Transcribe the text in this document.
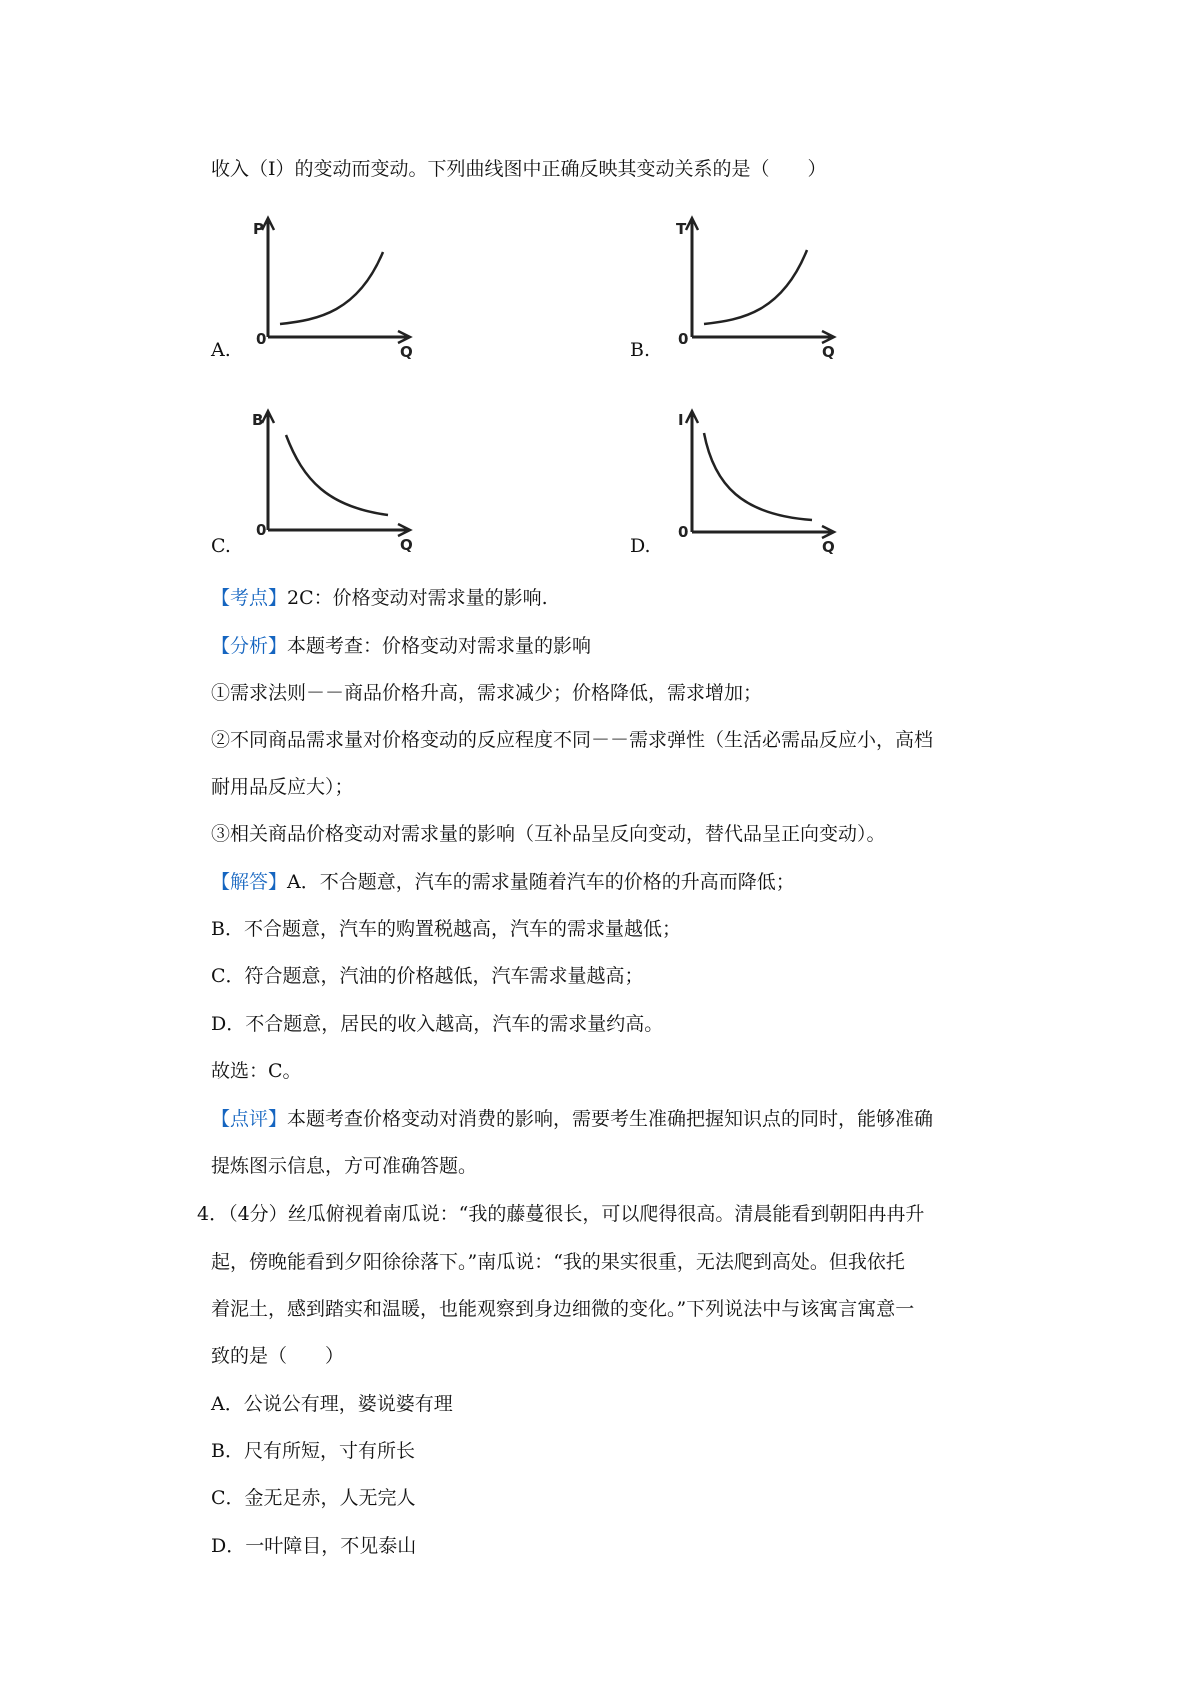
收入（I）的变动而变动。下列曲线图中正确反映其变动关系的是（　　）
A.
P
Q
0	B.
T
Q
0
C.
B
Q
0
D.
I
Q
0
【考点】2C：价格变动对需求量的影响.
【分析】本题考查：价格变动对需求量的影响
①需求法则－－商品价格升高，需求减少；价格降低，需求增加；
②不同商品需求量对价格变动的反应程度不同－－需求弹性（生活必需品反应小，高档
耐用品反应大）；
③相关商品价格变动对需求量的影响（互补品呈反向变动，替代品呈正向变动）。
【解答】A．不合题意，汽车的需求量随着汽车的价格的升高而降低；
B．不合题意，汽车的购置税越高，汽车的需求量越低；
C．符合题意，汽油的价格越低，汽车需求量越高；
D．不合题意，居民的收入越高，汽车的需求量约高。
故选：C。
【点评】本题考查价格变动对消费的影响，需要考生准确把握知识点的同时，能够准确
提炼图示信息，方可准确答题。
4．（4分）丝瓜俯视着南瓜说：“我的藤蔓很长，可以爬得很高。清晨能看到朝阳冉冉升
起，傍晚能看到夕阳徐徐落下。”南瓜说：“我的果实很重，无法爬到高处。但我依托
着泥土，感到踏实和温暖，也能观察到身边细微的变化。”下列说法中与该寓言寓意一
致的是（　　）
A．公说公有理，婆说婆有理
B．尺有所短，寸有所长
C．金无足赤，人无完人
D．一叶障目，不见泰山
